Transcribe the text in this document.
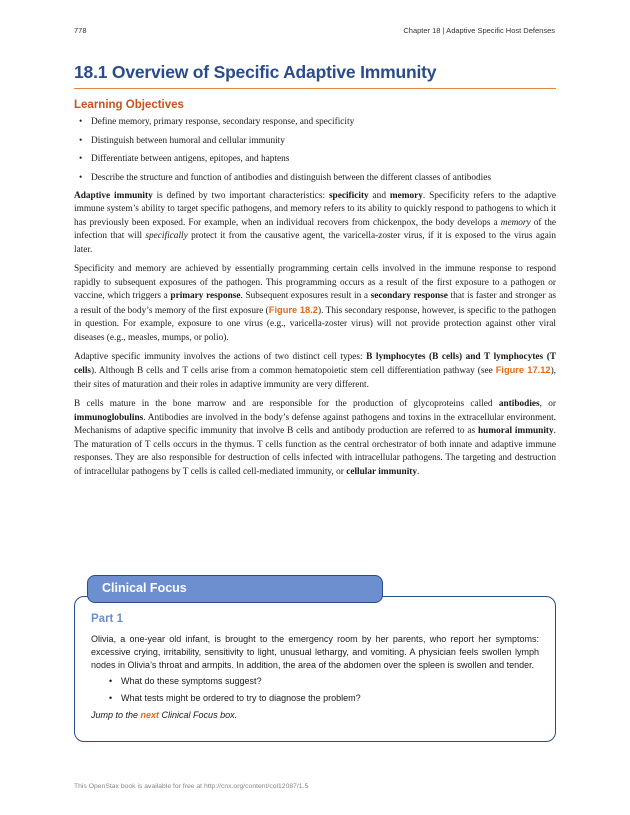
778	Chapter 18 | Adaptive Specific Host Defenses
18.1 Overview of Specific Adaptive Immunity
Learning Objectives
• Define memory, primary response, secondary response, and specificity
• Distinguish between humoral and cellular immunity
• Differentiate between antigens, epitopes, and haptens
• Describe the structure and function of antibodies and distinguish between the different classes of antibodies

Adaptive immunity is defined by two important characteristics: specificity and memory. Specificity refers to the adaptive immune system’s ability to target specific pathogens, and memory refers to its ability to quickly respond to pathogens to which it has previously been exposed. For example, when an individual recovers from chickenpox, the body develops a memory of the infection that will specifically protect it from the causative agent, the varicella-zoster virus, if it is exposed to the virus again later.

Specificity and memory are achieved by essentially programming certain cells involved in the immune response to respond rapidly to subsequent exposures of the pathogen. This programming occurs as a result of the first exposure to a pathogen or vaccine, which triggers a primary response. Subsequent exposures result in a secondary response that is faster and stronger as a result of the body’s memory of the first exposure (Figure 18.2). This secondary response, however, is specific to the pathogen in question. For example, exposure to one virus (e.g., varicella-zoster virus) will not provide protection against other viral diseases (e.g., measles, mumps, or polio).

Adaptive specific immunity involves the actions of two distinct cell types: B lymphocytes (B cells) and T lymphocytes (T cells). Although B cells and T cells arise from a common hematopoietic stem cell differentiation pathway (see Figure 17.12), their sites of maturation and their roles in adaptive immunity are very different.

B cells mature in the bone marrow and are responsible for the production of glycoproteins called antibodies, or immunoglobulins. Antibodies are involved in the body’s defense against pathogens and toxins in the extracellular environment. Mechanisms of adaptive specific immunity that involve B cells and antibody production are referred to as humoral immunity. The maturation of T cells occurs in the thymus. T cells function as the central orchestrator of both innate and adaptive immune responses. They are also responsible for destruction of cells infected with intracellular pathogens. The targeting and destruction of intracellular pathogens by T cells is called cell-mediated immunity, or cellular immunity.

Clinical Focus
Part 1

Olivia, a one-year old infant, is brought to the emergency room by her parents, who report her symptoms: excessive crying, irritability, sensitivity to light, unusual lethargy, and vomiting. A physician feels swollen lymph nodes in Olivia’s throat and armpits. In addition, the area of the abdomen over the spleen is swollen and tender.

• What do these symptoms suggest?
• What tests might be ordered to try to diagnose the problem?

Jump to the next Clinical Focus box.

This OpenStax book is available for free at http://cnx.org/content/col12087/1.5
